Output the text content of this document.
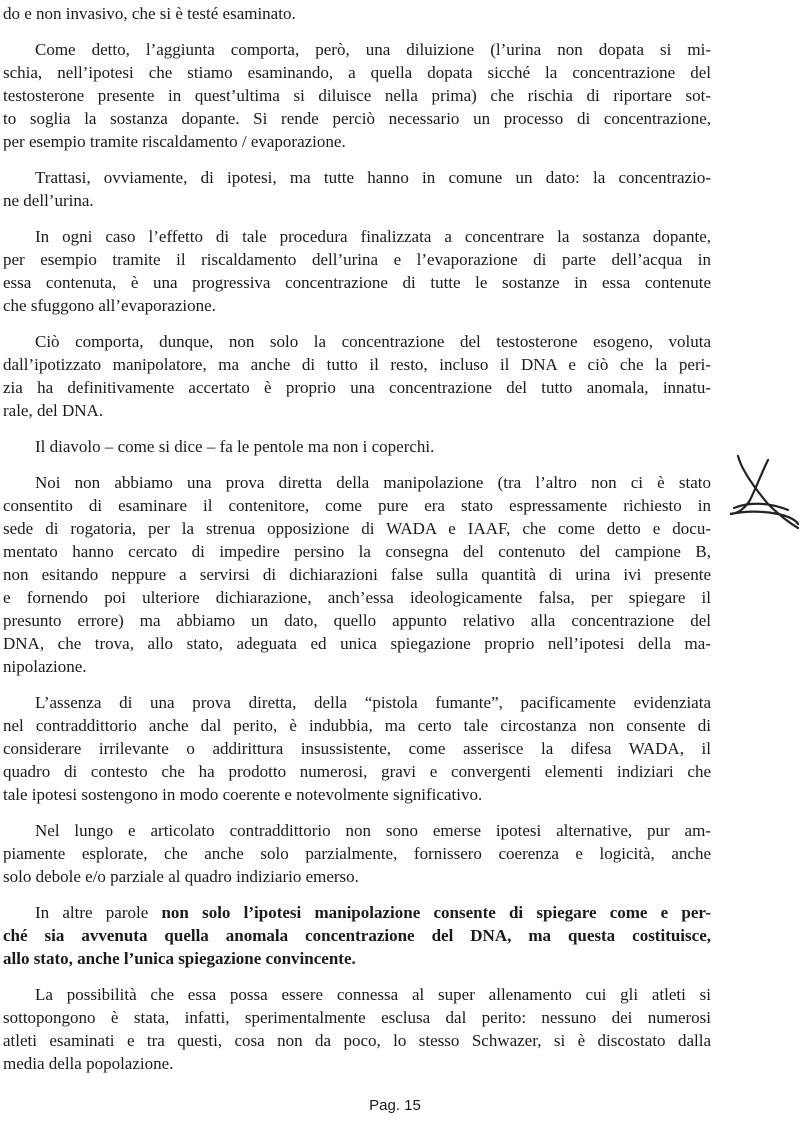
do e non invasivo, che si è testé esaminato.
Come detto, l’aggiunta comporta, però, una diluizione (l’urina non dopata si mi-
schia, nell’ipotesi che stiamo esaminando, a quella dopata sicché la concentrazione del
testosterone presente in quest’ultima si diluisce nella prima) che rischia di riportare sot-
to soglia la sostanza dopante. Si rende perciò necessario un processo di concentrazione,
per esempio tramite riscaldamento / evaporazione.
Trattasi, ovviamente, di ipotesi, ma tutte hanno in comune un dato: la concentrazio-
ne dell’urina.
In ogni caso l’effetto di tale procedura finalizzata a concentrare la sostanza dopante,
per esempio tramite il riscaldamento dell’urina e l’evaporazione di parte dell’acqua in
essa contenuta, è una progressiva concentrazione di tutte le sostanze in essa contenute
che sfuggono all’evaporazione.
Ciò comporta, dunque, non solo la concentrazione del testosterone esogeno, voluta
dall’ipotizzato manipolatore, ma anche di tutto il resto, incluso il DNA e ciò che la peri-
zia ha definitivamente accertato è proprio una concentrazione del tutto anomala, innatu-
rale, del DNA.
Il diavolo – come si dice – fa le pentole ma non i coperchi.
Noi non abbiamo una prova diretta della manipolazione (tra l’altro non ci è stato
consentito di esaminare il contenitore, come pure era stato espressamente richiesto in
sede di rogatoria, per la strenua opposizione di WADA e IAAF, che come detto e docu-
mentato hanno cercato di impedire persino la consegna del contenuto del campione B,
non esitando neppure a servirsi di dichiarazioni false sulla quantità di urina ivi presente
e fornendo poi ulteriore dichiarazione, anch’essa ideologicamente falsa, per spiegare il
presunto errore) ma abbiamo un dato, quello appunto relativo alla concentrazione del
DNA, che trova, allo stato, adeguata ed unica spiegazione proprio nell’ipotesi della ma-
nipolazione.
L’assenza di una prova diretta, della “pistola fumante”, pacificamente evidenziata
nel contraddittorio anche dal perito, è indubbia, ma certo tale circostanza non consente di
considerare irrilevante o addirittura insussistente, come asserisce la difesa WADA, il
quadro di contesto che ha prodotto numerosi, gravi e convergenti elementi indiziari che
tale ipotesi sostengono in modo coerente e notevolmente significativo.
Nel lungo e articolato contraddittorio non sono emerse ipotesi alternative, pur am-
piamente esplorate, che anche solo parzialmente, fornissero coerenza e logicità, anche
solo debole e/o parziale al quadro indiziario emerso.
In altre parole non solo l’ipotesi manipolazione consente di spiegare come e per-
ché sia avvenuta quella anomala concentrazione del DNA, ma questa costituisce,
allo stato, anche l’unica spiegazione convincente.
La possibilità che essa possa essere connessa al super allenamento cui gli atleti si
sottopongono è stata, infatti, sperimentalmente esclusa dal perito: nessuno dei numerosi
atleti esaminati e tra questi, cosa non da poco, lo stesso Schwazer, si è discostato dalla
media della popolazione.
Pag. 15
